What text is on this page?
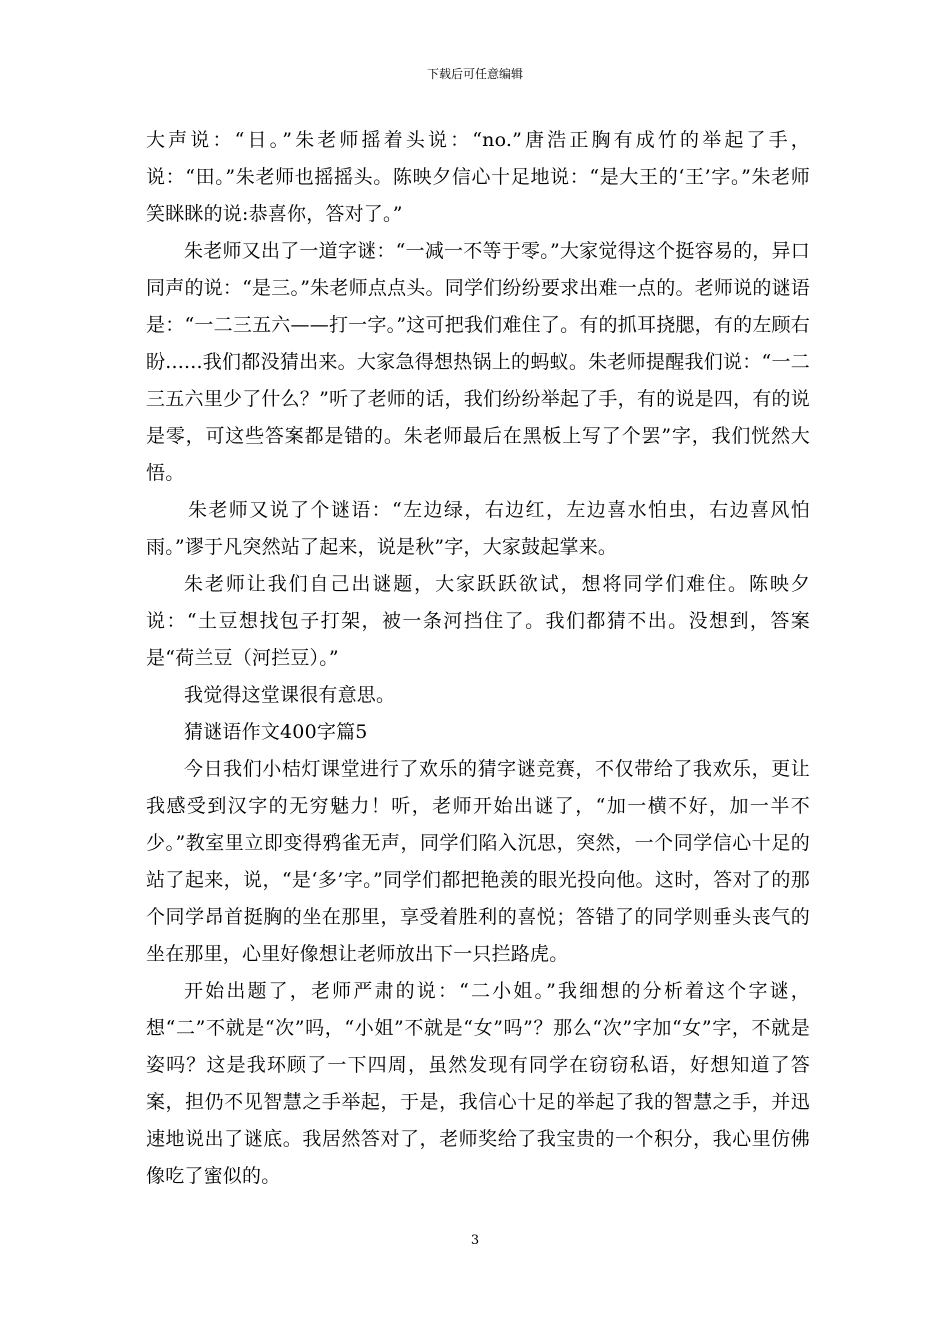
下载后可任意编辑

大声说：“日。”朱老师摇着头说：“no.”唐浩正胸有成竹的举起了手，说：“田。”朱老师也摇摇头。陈映夕信心十足地说：“是大王的‘王’字。”朱老师笑眯眯的说:恭喜你，答对了。”

朱老师又出了一道字谜：“一减一不等于零。”大家觉得这个挺容易的，异口同声的说：“是三。”朱老师点点头。同学们纷纷要求出难一点的。老师说的谜语是：“一二三五六——打一字。”这可把我们难住了。有的抓耳挠腮，有的左顾右盼......我们都没猜出来。大家急得想热锅上的蚂蚁。朱老师提醒我们说：“一二三五六里少了什么？”听了老师的话，我们纷纷举起了手，有的说是四，有的说是零，可这些答案都是错的。朱老师最后在黑板上写了个罢”字，我们恍然大悟。

朱老师又说了个谜语：“左边绿，右边红，左边喜水怕虫，右边喜风怕雨。”谬于凡突然站了起来，说是秋”字，大家鼓起掌来。

朱老师让我们自己出谜题，大家跃跃欲试，想将同学们难住。陈映夕说：“土豆想找包子打架，被一条河挡住了。我们都猜不出。没想到，答案是“荷兰豆（河拦豆）。”

我觉得这堂课很有意思。

猜谜语作文400字篇5

今日我们小桔灯课堂进行了欢乐的猜字谜竞赛，不仅带给了我欢乐，更让我感受到汉字的无穷魅力！听，老师开始出谜了，“加一横不好，加一半不少。”教室里立即变得鸦雀无声，同学们陷入沉思，突然，一个同学信心十足的站了起来，说，“是‘多’字。”同学们都把艳羡的眼光投向他。这时，答对了的那个同学昂首挺胸的坐在那里，享受着胜利的喜悦；答错了的同学则垂头丧气的坐在那里，心里好像想让老师放出下一只拦路虎。

开始出题了，老师严肃的说：“二小姐。”我细想的分析着这个字谜，想“二”不就是“次”吗，“小姐”不就是“女”吗”？那么“次”字加“女”字，不就是姿吗？这是我环顾了一下四周，虽然发现有同学在窃窃私语，好想知道了答案，担仍不见智慧之手举起，于是，我信心十足的举起了我的智慧之手，并迅速地说出了谜底。我居然答对了，老师奖给了我宝贵的一个积分，我心里仿佛像吃了蜜似的。

3
